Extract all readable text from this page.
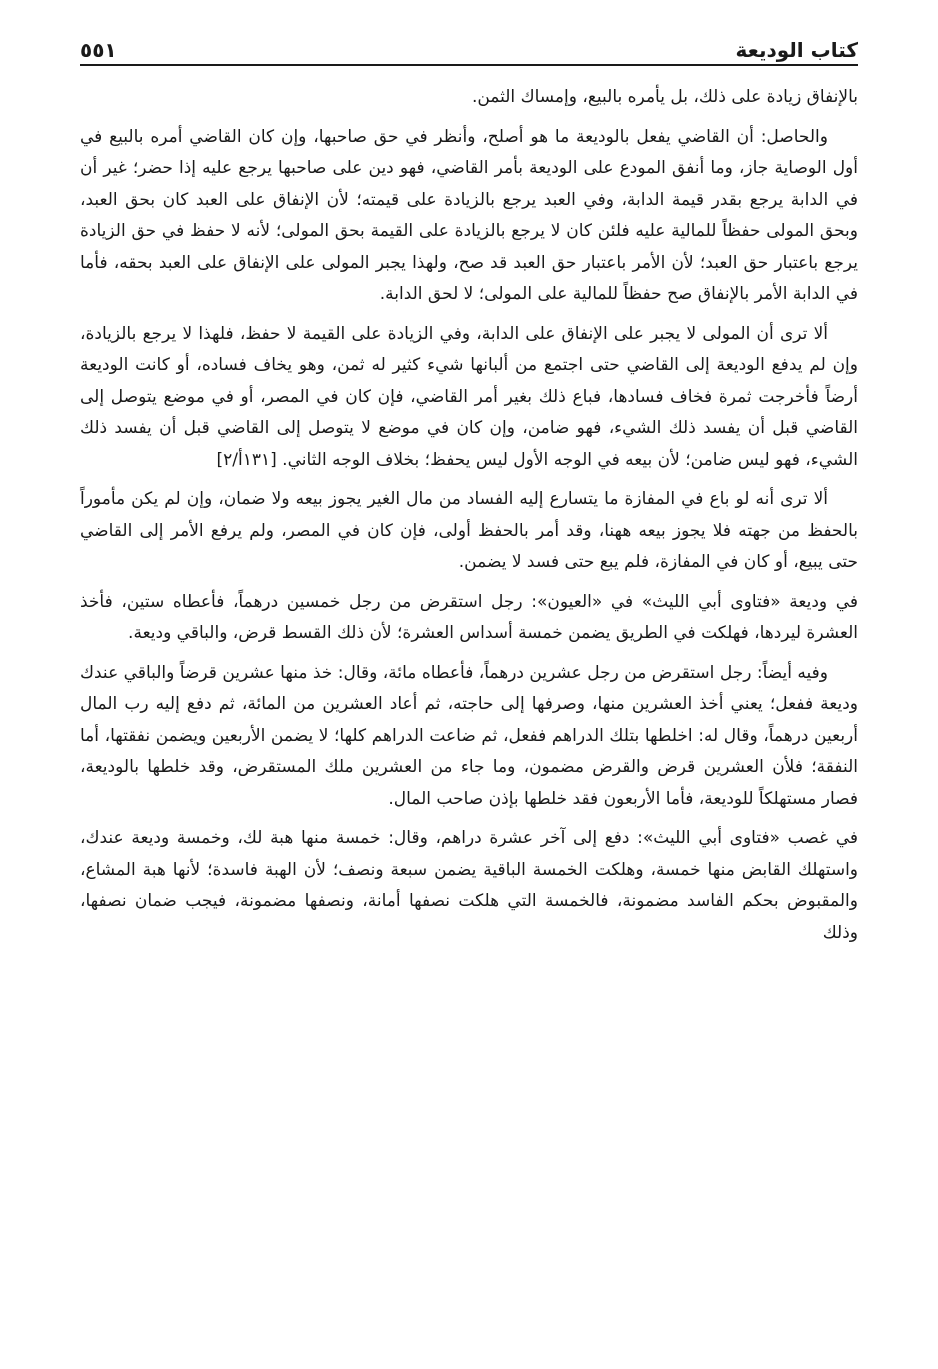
كتاب الوديعة
٥٥١

بالإنفاق زيادة على ذلك، بل يأمره بالبيع، وإمساك الثمن.

والحاصل: أن القاضي يفعل بالوديعة ما هو أصلح، وأنظر في حق صاحبها، وإن كان القاضي أمره بالبيع في أول الوصاية جاز، وما أنفق المودع على الوديعة بأمر القاضي، فهو دين على صاحبها يرجع عليه إذا حضر؛ غير أن في الدابة يرجع بقدر قيمة الدابة، وفي العبد يرجع بالزيادة على قيمته؛ لأن الإنفاق على العبد كان بحق العبد، وبحق المولى حفظاً للمالية عليه فلئن كان لا يرجع بالزيادة على القيمة بحق المولى؛ لأنه لا حفظ في حق الزيادة يرجع باعتبار حق العبد؛ لأن الأمر باعتبار حق العبد قد صح، ولهذا يجبر المولى على الإنفاق على العبد بحقه، فأما في الدابة الأمر بالإنفاق صح حفظاً للمالية على المولى؛ لا لحق الدابة.

ألا ترى أن المولى لا يجبر على الإنفاق على الدابة، وفي الزيادة على القيمة لا حفظ، فلهذا لا يرجع بالزيادة، وإن لم يدفع الوديعة إلى القاضي حتى اجتمع من ألبانها شيء كثير له ثمن، وهو يخاف فساده، أو كانت الوديعة أرضاً فأخرجت ثمرة فخاف فسادها، فباع ذلك بغير أمر القاضي، فإن كان في المصر، أو في موضع يتوصل إلى القاضي قبل أن يفسد ذلك الشيء، فهو ضامن، وإن كان في موضع لا يتوصل إلى القاضي قبل أن يفسد ذلك الشيء، فهو ليس ضامن؛ لأن بيعه في الوجه الأول ليس يحفظ؛ بخلاف الوجه الثاني. [١٣١أ/٢]

ألا ترى أنه لو باع في المفازة ما يتسارع إليه الفساد من مال الغير يجوز بيعه ولا ضمان، وإن لم يكن مأموراً بالحفظ من جهته فلا يجوز بيعه ههنا، وقد أمر بالحفظ أولى، فإن كان في المصر، ولم يرفع الأمر إلى القاضي حتى يبيع، أو كان في المفازة، فلم يبع حتى فسد لا يضمن.

في وديعة «فتاوى أبي الليث» في «العيون»: رجل استقرض من رجل خمسين درهماً، فأعطاه ستين، فأخذ العشرة ليردها، فهلكت في الطريق يضمن خمسة أسداس العشرة؛ لأن ذلك القسط قرض، والباقي وديعة.

وفيه أيضاً: رجل استقرض من رجل عشرين درهماً، فأعطاه مائة، وقال: خذ منها عشرين قرضاً والباقي عندك وديعة ففعل؛ يعني أخذ العشرين منها، وصرفها إلى حاجته، ثم أعاد العشرين من المائة، ثم دفع إليه رب المال أربعين درهماً، وقال له: اخلطها بتلك الدراهم ففعل، ثم ضاعت الدراهم كلها؛ لا يضمن الأربعين ويضمن نفقتها، أما النفقة؛ فلأن العشرين قرض والقرض مضمون، وما جاء من العشرين ملك المستقرض، وقد خلطها بالوديعة، فصار مستهلكاً للوديعة، فأما الأربعون فقد خلطها بإذن صاحب المال.

في غصب «فتاوى أبي الليث»: دفع إلى آخر عشرة دراهم، وقال: خمسة منها هبة لك، وخمسة وديعة عندك، واستهلك القابض منها خمسة، وهلكت الخمسة الباقية يضمن سبعة ونصف؛ لأن الهبة فاسدة؛ لأنها هبة المشاع، والمقبوض بحكم الفاسد مضمونة، فالخمسة التي هلكت نصفها أمانة، ونصفها مضمونة، فيجب ضمان نصفها، وذلك
